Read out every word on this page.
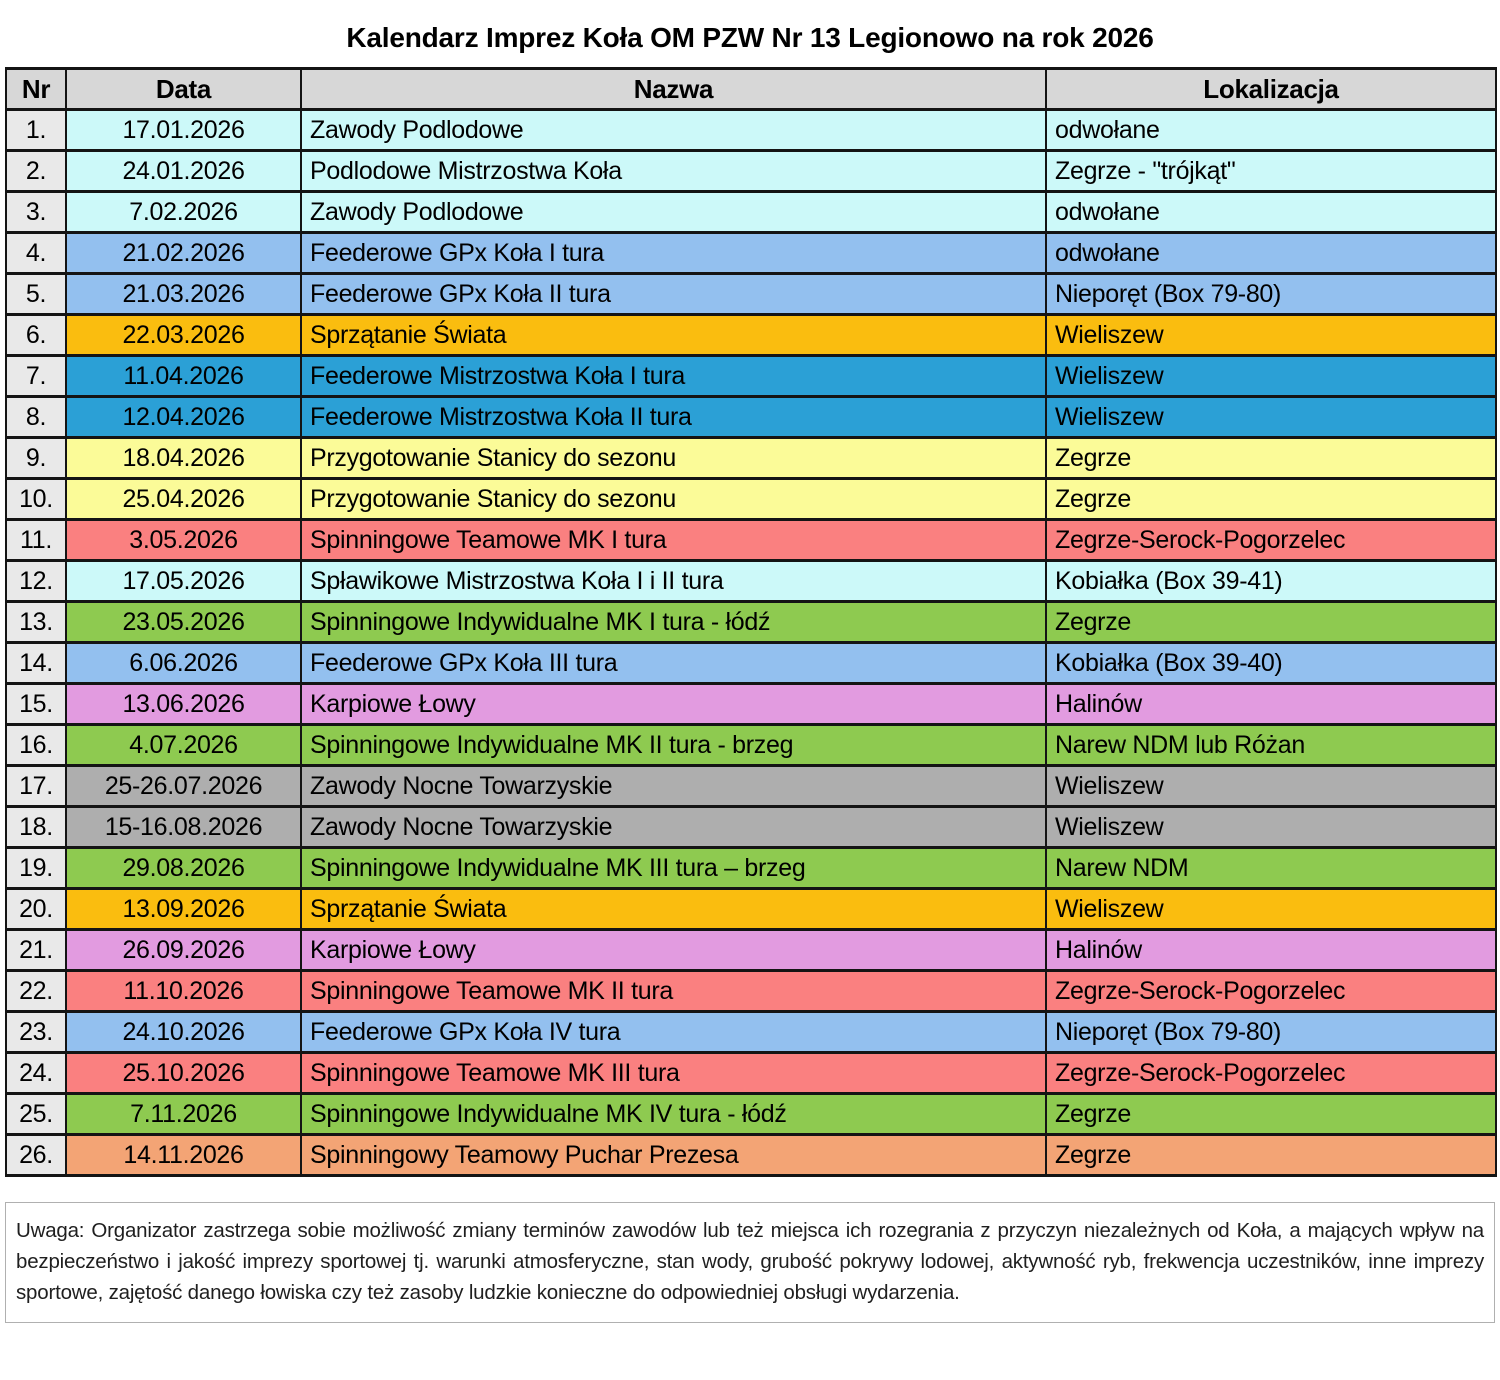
Kalendarz Imprez Koła OM PZW Nr 13 Legionowo na rok 2026
Nr	Data	Nazwa	Lokalizacja
1.	17.01.2026	Zawody Podlodowe	odwołane
2.	24.01.2026	Podlodowe Mistrzostwa Koła	Zegrze - "trójkąt"
3.	7.02.2026	Zawody Podlodowe	odwołane
4.	21.02.2026	Feederowe GPx Koła I tura	odwołane
5.	21.03.2026	Feederowe GPx Koła II tura	Nieporęt (Box 79-80)
6.	22.03.2026	Sprzątanie Świata	Wieliszew
7.	11.04.2026	Feederowe Mistrzostwa Koła I tura	Wieliszew
8.	12.04.2026	Feederowe Mistrzostwa Koła II tura	Wieliszew
9.	18.04.2026	Przygotowanie Stanicy do sezonu	Zegrze
10.	25.04.2026	Przygotowanie Stanicy do sezonu	Zegrze
11.	3.05.2026	Spinningowe Teamowe MK I tura	Zegrze-Serock-Pogorzelec
12.	17.05.2026	Spławikowe Mistrzostwa Koła I i II tura	Kobiałka (Box 39-41)
13.	23.05.2026	Spinningowe Indywidualne MK I tura - łódź	Zegrze
14.	6.06.2026	Feederowe GPx Koła III tura	Kobiałka (Box 39-40)
15.	13.06.2026	Karpiowe Łowy	Halinów
16.	4.07.2026	Spinningowe Indywidualne MK II tura - brzeg	Narew NDM lub Różan
17.	25-26.07.2026	Zawody Nocne Towarzyskie	Wieliszew
18.	15-16.08.2026	Zawody Nocne Towarzyskie	Wieliszew
19.	29.08.2026	Spinningowe Indywidualne MK III tura – brzeg	Narew NDM
20.	13.09.2026	Sprzątanie Świata	Wieliszew
21.	26.09.2026	Karpiowe Łowy	Halinów
22.	11.10.2026	Spinningowe Teamowe MK II tura	Zegrze-Serock-Pogorzelec
23.	24.10.2026	Feederowe GPx Koła IV tura	Nieporęt (Box 79-80)
24.	25.10.2026	Spinningowe Teamowe MK III tura	Zegrze-Serock-Pogorzelec
25.	7.11.2026	Spinningowe Indywidualne MK IV tura - łódź	Zegrze
26.	14.11.2026	Spinningowy Teamowy Puchar Prezesa	Zegrze
Uwaga: Organizator zastrzega sobie możliwość zmiany terminów zawodów lub też miejsca ich rozegrania z przyczyn niezależnych od Koła, a mających wpływ na bezpieczeństwo i jakość imprezy sportowej tj. warunki atmosferyczne, stan wody, grubość pokrywy lodowej, aktywność ryb, frekwencja uczestników, inne imprezy sportowe, zajętość danego łowiska czy też zasoby ludzkie konieczne do odpowiedniej obsługi wydarzenia.
